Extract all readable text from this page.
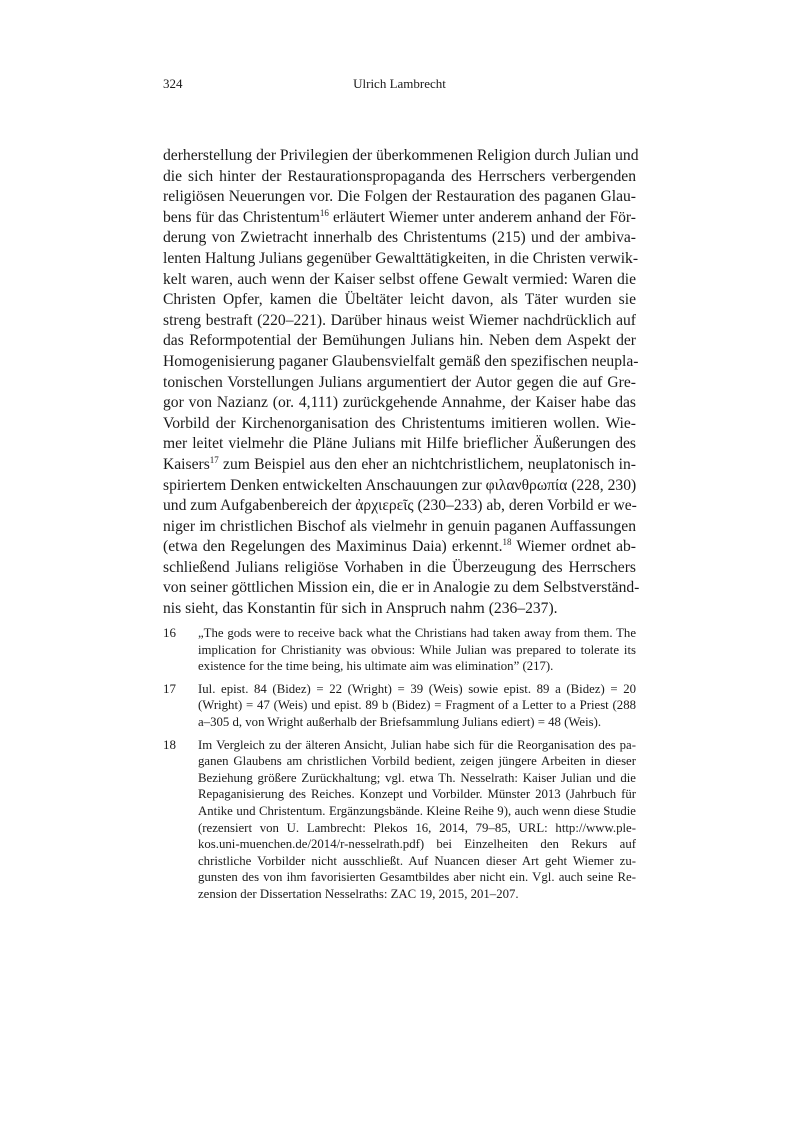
324	Ulrich Lambrecht
derherstellung der Privilegien der überkommenen Religion durch Julian und
die sich hinter der Restaurationspropaganda des Herrschers verbergenden
religiösen Neuerungen vor. Die Folgen der Restauration des paganen Glau-
bens für das Christentum$^{16}$ erläutert Wiemer unter anderem anhand der För-
derung von Zwietracht innerhalb des Christentums (215) und der ambiva-
lenten Haltung Julians gegenüber Gewalttätigkeiten, in die Christen verwik-
kelt waren, auch wenn der Kaiser selbst offene Gewalt vermied: Waren die
Christen Opfer, kamen die Übeltäter leicht davon, als Täter wurden sie
streng bestraft (220–221). Darüber hinaus weist Wiemer nachdrücklich auf
das Reformpotential der Bemühungen Julians hin. Neben dem Aspekt der
Homogenisierung paganer Glaubensvielfalt gemäß den spezifischen neupla-
tonischen Vorstellungen Julians argumentiert der Autor gegen die auf Gre-
gor von Nazianz (or. 4,111) zurückgehende Annahme, der Kaiser habe das
Vorbild der Kirchenorganisation des Christentums imitieren wollen. Wie-
mer leitet vielmehr die Pläne Julians mit Hilfe brieflicher Äußerungen des
Kaisers$^{17}$ zum Beispiel aus den eher an nichtchristlichem, neuplatonisch in-
spiriertem Denken entwickelten Anschauungen zur φιλανθρωπία (228, 230)
und zum Aufgabenbereich der ἀρχιερεῖς (230–233) ab, deren Vorbild er we-
niger im christlichen Bischof als vielmehr in genuin paganen Auffassungen
(etwa den Regelungen des Maximinus Daia) erkennt.$^{18}$ Wiemer ordnet ab-
schließend Julians religiöse Vorhaben in die Überzeugung des Herrschers
von seiner göttlichen Mission ein, die er in Analogie zu dem Selbstverständ-
nis sieht, das Konstantin für sich in Anspruch nahm (236–237).
16 „The gods were to receive back what the Christians had taken away from them. The
implication for Christianity was obvious: While Julian was prepared to tolerate its
existence for the time being, his ultimate aim was elimination” (217).
17 Iul. epist. 84 (Bidez) = 22 (Wright) = 39 (Weis) sowie epist. 89 a (Bidez) = 20
(Wright) = 47 (Weis) und epist. 89 b (Bidez) = Fragment of a Letter to a Priest (288
a–305 d, von Wright außerhalb der Briefsammlung Julians ediert) = 48 (Weis).
18 Im Vergleich zu der älteren Ansicht, Julian habe sich für die Reorganisation des pa-
ganen Glaubens am christlichen Vorbild bedient, zeigen jüngere Arbeiten in dieser
Beziehung größere Zurückhaltung; vgl. etwa Th. Nesselrath: Kaiser Julian und die
Repaganisierung des Reiches. Konzept und Vorbilder. Münster 2013 (Jahrbuch für
Antike und Christentum. Ergänzungsbände. Kleine Reihe 9), auch wenn diese Studie
(rezensiert von U. Lambrecht: Plekos 16, 2014, 79–85, URL: http://www.ple-
kos.uni-muenchen.de/2014/r-nesselrath.pdf) bei Einzelheiten den Rekurs auf
christliche Vorbilder nicht ausschließt. Auf Nuancen dieser Art geht Wiemer zu-
gunsten des von ihm favorisierten Gesamtbildes aber nicht ein. Vgl. auch seine Re-
zension der Dissertation Nesselraths: ZAC 19, 2015, 201–207.
